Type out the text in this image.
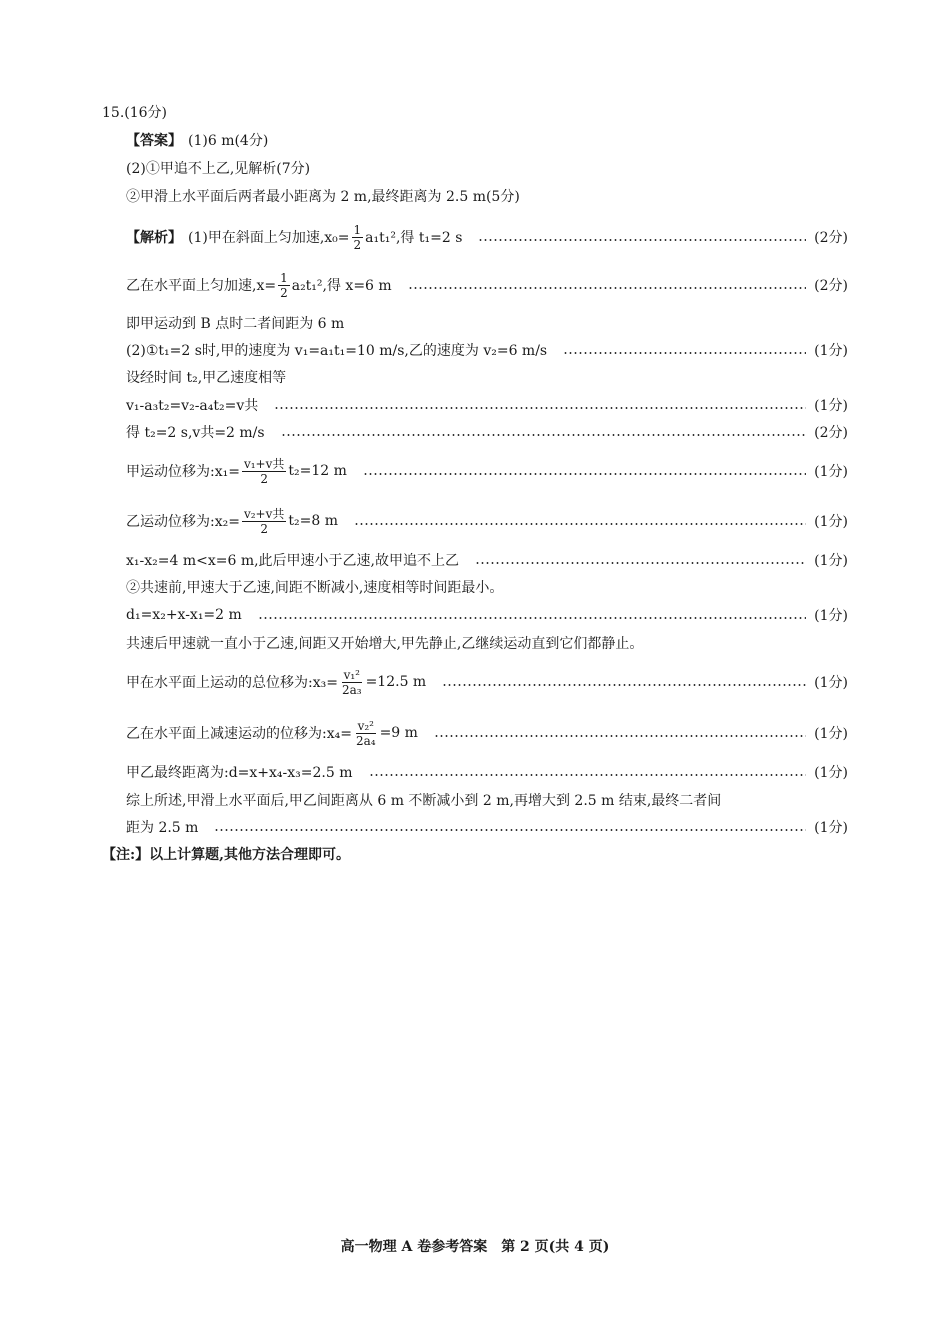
15.(16分)
【答案】 (1)6 m(4分)
(2)①甲追不上乙,见解析(7分)
②甲滑上水平面后两者最小距离为 2 m,最终距离为 2.5 m(5分)
【解析】 (1)甲在斜面上匀加速$,x_0= \frac{1}{2} a_1t_1^2$,得 t₁=2 s	(2分)
乙在水平面上匀加速$,x= \frac{1}{2} a_2t_1^2$,得 x=6 m	(2分)
即甲运动到 B 点时二者间距为 6 m
(2)①t₁=2 s时,甲的速度为 v₁=a₁t₁=10 m/s,乙的速度为 v₂=6 m/s	(1分)
设经时间 t₂,甲乙速度相等
v₁-a₃t₂=v₂-a₄t₂=v共	(1分)
得 t₂=2 s,v共=2 m/s	(2分)
甲运动位移为:x₁= $\frac{\text{v₁+v共}}{2} t_2=12$ m	(1分)
乙运动位移为:x₂= $\frac{\text{v₂+v共}}{2} t_2=8$ m	(1分)
x₁-x₂=4 m<x=6 m,此后甲速小于乙速,故甲追不上乙	(1分)
②共速前,甲速大于乙速,间距不断减小,速度相等时间距最小。
d₁=x₂+x-x₁=2 m	(1分)
共速后甲速就一直小于乙速,间距又开始增大,甲先静止,乙继续运动直到它们都静止。
甲在水平面上运动的总位移为:x₃= $\frac{\text{v₁²}}{\text{2a₃}} =12.5$ m	(1分)
乙在水平面上减速运动的位移为:x₄= $\frac{\text{v₂²}}{\text{2a₄}} =9$ m	(1分)
甲乙最终距离为:d=x+x₄-x₃=2.5 m	(1分)
综上所述,甲滑上水平面后,甲乙间距离从 6 m 不断减小到 2 m,再增大到 2.5 m 结束,最终二者间
距为 2.5 m	(1分)
【注:】以上计算题,其他方法合理即可。
高一物理 A 卷参考答案　第 2 页(共 4 页)
